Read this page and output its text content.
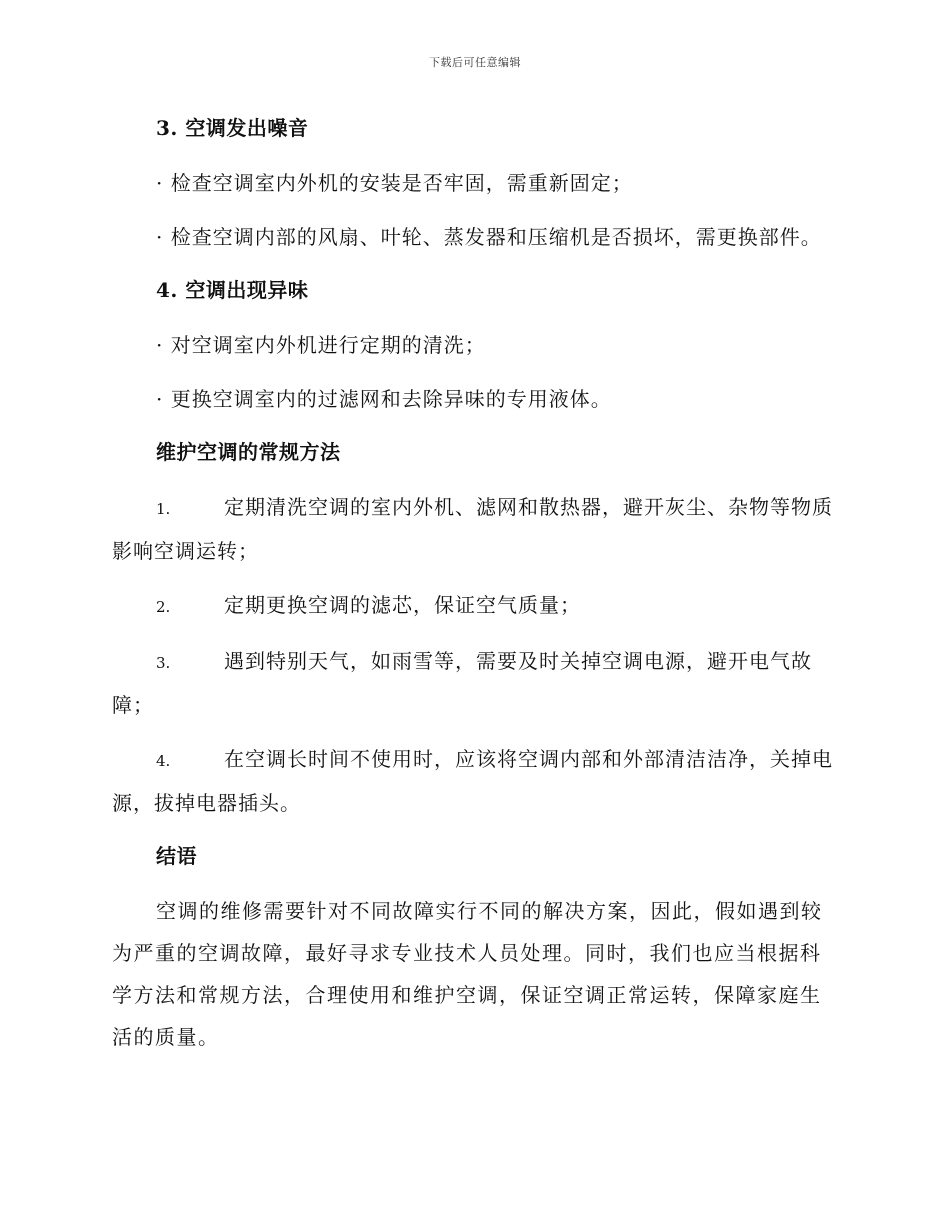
下载后可任意编辑
3. 空调发出噪音
· 检查空调室内外机的安装是否牢固，需重新固定；
· 检查空调内部的风扇、叶轮、蒸发器和压缩机是否损坏，需更换部件。
4. 空调出现异味
· 对空调室内外机进行定期的清洗；
· 更换空调室内的过滤网和去除异味的专用液体。
维护空调的常规方法
1.	定期清洗空调的室内外机、滤网和散热器，避开灰尘、杂物等物质影响空调运转；
2.	定期更换空调的滤芯，保证空气质量；
3.	遇到特别天气，如雨雪等，需要及时关掉空调电源，避开电气故障；
4.	在空调长时间不使用时，应该将空调内部和外部清洁洁净，关掉电源，拔掉电器插头。
结语
空调的维修需要针对不同故障实行不同的解决方案，因此，假如遇到较为严重的空调故障，最好寻求专业技术人员处理。同时，我们也应当根据科学方法和常规方法，合理使用和维护空调，保证空调正常运转，保障家庭生活的质量。
